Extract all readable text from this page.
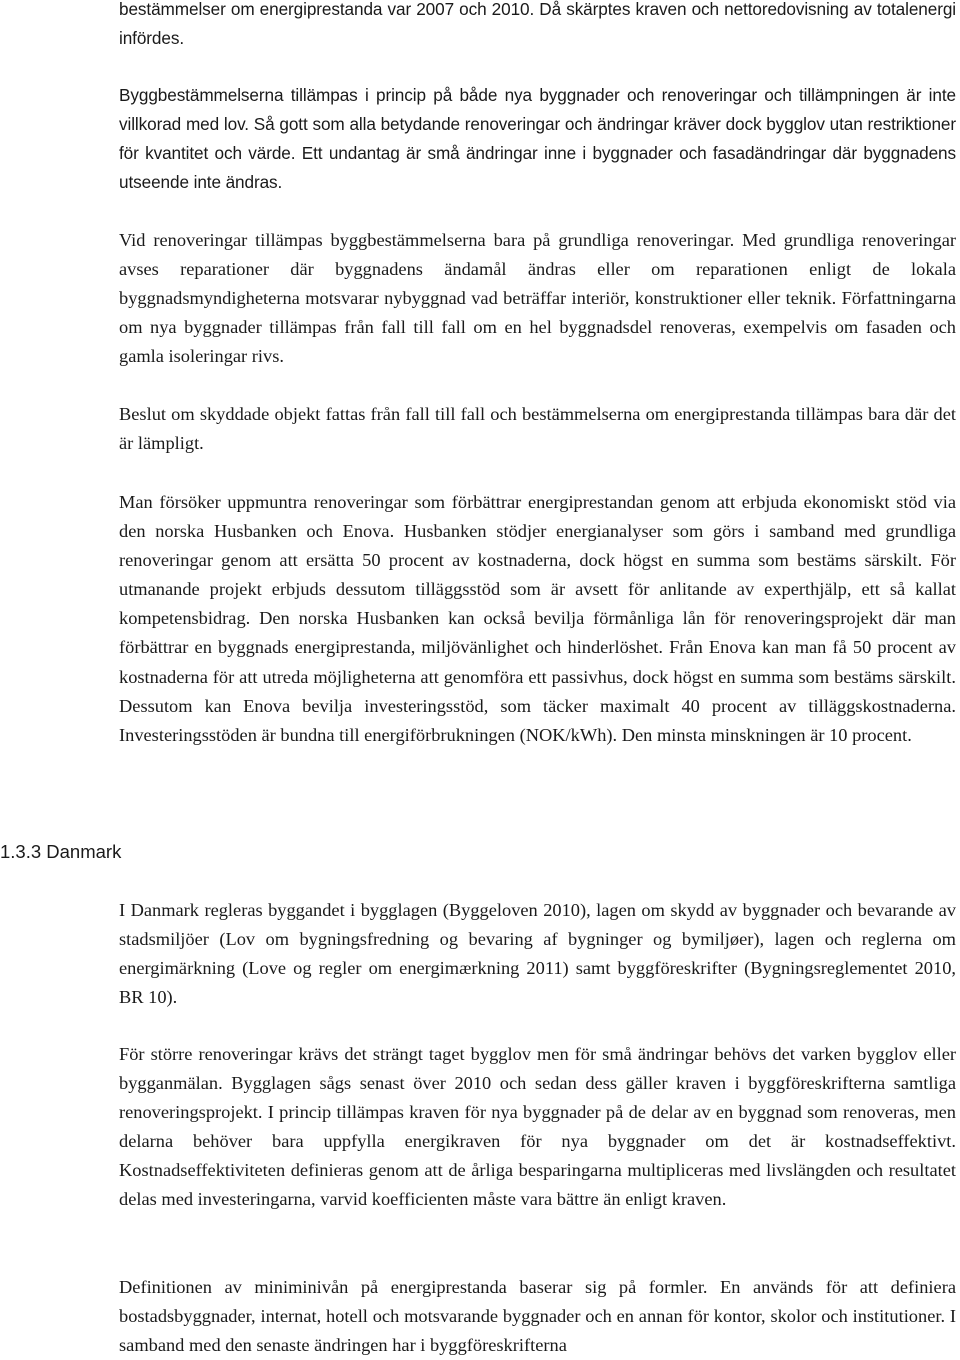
bestämmelser om energiprestanda var 2007 och 2010. Då skärptes kraven och nettoredovisning av totalenergi infördes.

Byggbestämmelserna tillämpas i princip på både nya byggnader och renoveringar och tillämpningen är inte villkorad med lov. Så gott som alla betydande renoveringar och ändringar kräver dock bygglov utan restriktioner för kvantitet och värde. Ett undantag är små ändringar inne i byggnader och fasadändringar där byggnadens utseende inte ändras.

Vid renoveringar tillämpas byggbestämmelserna bara på grundliga renoveringar. Med grundliga renoveringar avses reparationer där byggnadens ändamål ändras eller om reparationen enligt de lokala byggnadsmyndigheterna motsvarar nybyggnad vad beträffar interiör, konstruktioner eller teknik. Författningarna om nya byggnader tillämpas från fall till fall om en hel byggnadsdel renoveras, exempelvis om fasaden och gamla isoleringar rivs.

Beslut om skyddade objekt fattas från fall till fall och bestämmelserna om energiprestanda tillämpas bara där det är lämpligt.

Man försöker uppmuntra renoveringar som förbättrar energiprestandan genom att erbjuda ekonomiskt stöd via den norska Husbanken och Enova. Husbanken stödjer energianalyser som görs i samband med grundliga renoveringar genom att ersätta 50 procent av kostnaderna, dock högst en summa som bestäms särskilt. För utmanande projekt erbjuds dessutom tilläggsstöd som är avsett för anlitande av experthjälp, ett så kallat kompetensbidrag. Den norska Husbanken kan också bevilja förmånliga lån för renoveringsprojekt där man förbättrar en byggnads energiprestanda, miljövänlighet och hinderlöshet. Från Enova kan man få 50 procent av kostnaderna för att utreda möjligheterna att genomföra ett passivhus, dock högst en summa som bestäms särskilt. Dessutom kan Enova bevilja investeringsstöd, som täcker maximalt 40 procent av tilläggskostnaderna. Investeringsstöden är bundna till energiförbrukningen (NOK/kWh). Den minsta minskningen är 10 procent.

1.3.3 Danmark

I Danmark regleras byggandet i bygglagen (Byggeloven 2010), lagen om skydd av byggnader och bevarande av stadsmiljöer (Lov om bygningsfredning og bevaring af bygninger og bymiljøer), lagen och reglerna om energimärkning (Love og regler om energimærkning 2011) samt byggföreskrifter (Bygningsreglementet 2010, BR 10).

För större renoveringar krävs det strängt taget bygglov men för små ändringar behövs det varken bygglov eller bygganmälan. Bygglagen sågs senast över 2010 och sedan dess gäller kraven i byggföreskrifterna samtliga renoveringsprojekt. I princip tillämpas kraven för nya byggnader på de delar av en byggnad som renoveras, men delarna behöver bara uppfylla energikraven för nya byggnader om det är kostnadseffektivt. Kostnadseffektiviteten definieras genom att de årliga besparingarna multipliceras med livslängden och resultatet delas med investeringarna, varvid koefficienten måste vara bättre än enligt kraven.

Definitionen av miniminivån på energiprestanda baserar sig på formler. En används för att definiera bostadsbyggnader, internat, hotell och motsvarande byggnader och en annan för kontor, skolor och institutioner. I samband med den senaste ändringen har i byggföreskrifterna
